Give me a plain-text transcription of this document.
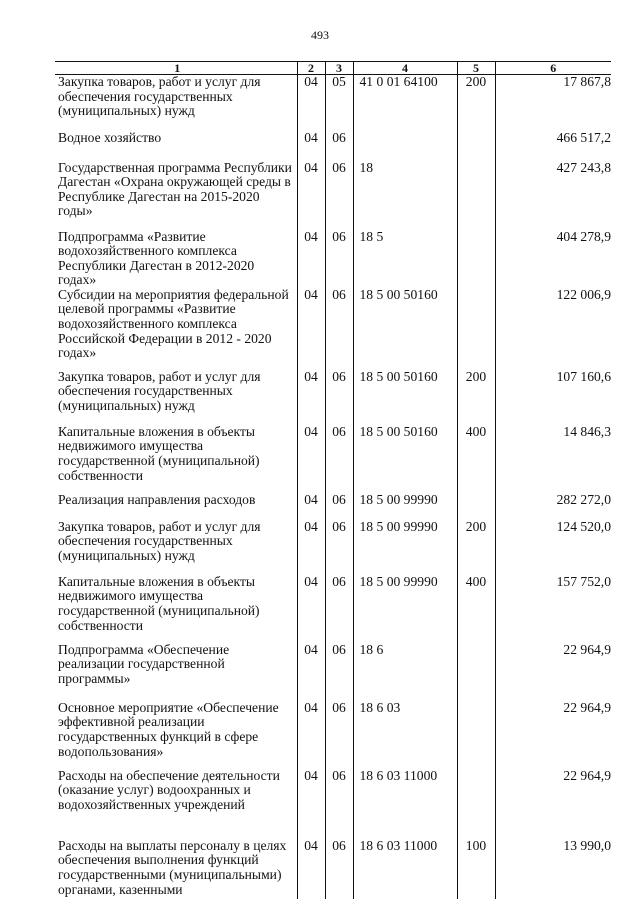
493
1	2	3	4	5	6
Закупка товаров, работ и услуг для обеспечения государственных (муниципальных) нужд	04	05	41 0 01 64100	200	17 867,8
Водное хозяйство	04	06			466 517,2
Государственная программа Республики Дагестан «Охрана окружающей среды в Республике Дагестан на 2015-2020 годы»	04	06	18		427 243,8
Подпрограмма «Развитие водохозяйственного комплекса Республики Дагестан в 2012-2020 годах»	04	06	18 5		404 278,9
Субсидии на мероприятия федеральной целевой программы «Развитие водохозяйственного комплекса Российской Федерации в 2012 - 2020 годах»	04	06	18 5 00 50160		122 006,9
Закупка товаров, работ и услуг для обеспечения государственных (муниципальных) нужд	04	06	18 5 00 50160	200	107 160,6
Капитальные вложения в объекты недвижимого имущества государственной (муниципальной) собственности	04	06	18 5 00 50160	400	14 846,3
Реализация направления расходов	04	06	18 5 00 99990		282 272,0
Закупка товаров, работ и услуг для обеспечения государственных (муниципальных) нужд	04	06	18 5 00 99990	200	124 520,0
Капитальные вложения в объекты недвижимого имущества государственной (муниципальной) собственности	04	06	18 5 00 99990	400	157 752,0
Подпрограмма «Обеспечение реализации государственной программы»	04	06	18 6		22 964,9
Основное мероприятие «Обеспечение эффективной реализации государственных функций в сфере водопользования»	04	06	18 6 03		22 964,9
Расходы на обеспечение деятельности (оказание услуг) водоохранных и водохозяйственных учреждений	04	06	18 6 03 11000		22 964,9
Расходы на выплаты персоналу в целях обеспечения выполнения функций государственными (муниципальными) органами, казенными	04	06	18 6 03 11000	100	13 990,0
